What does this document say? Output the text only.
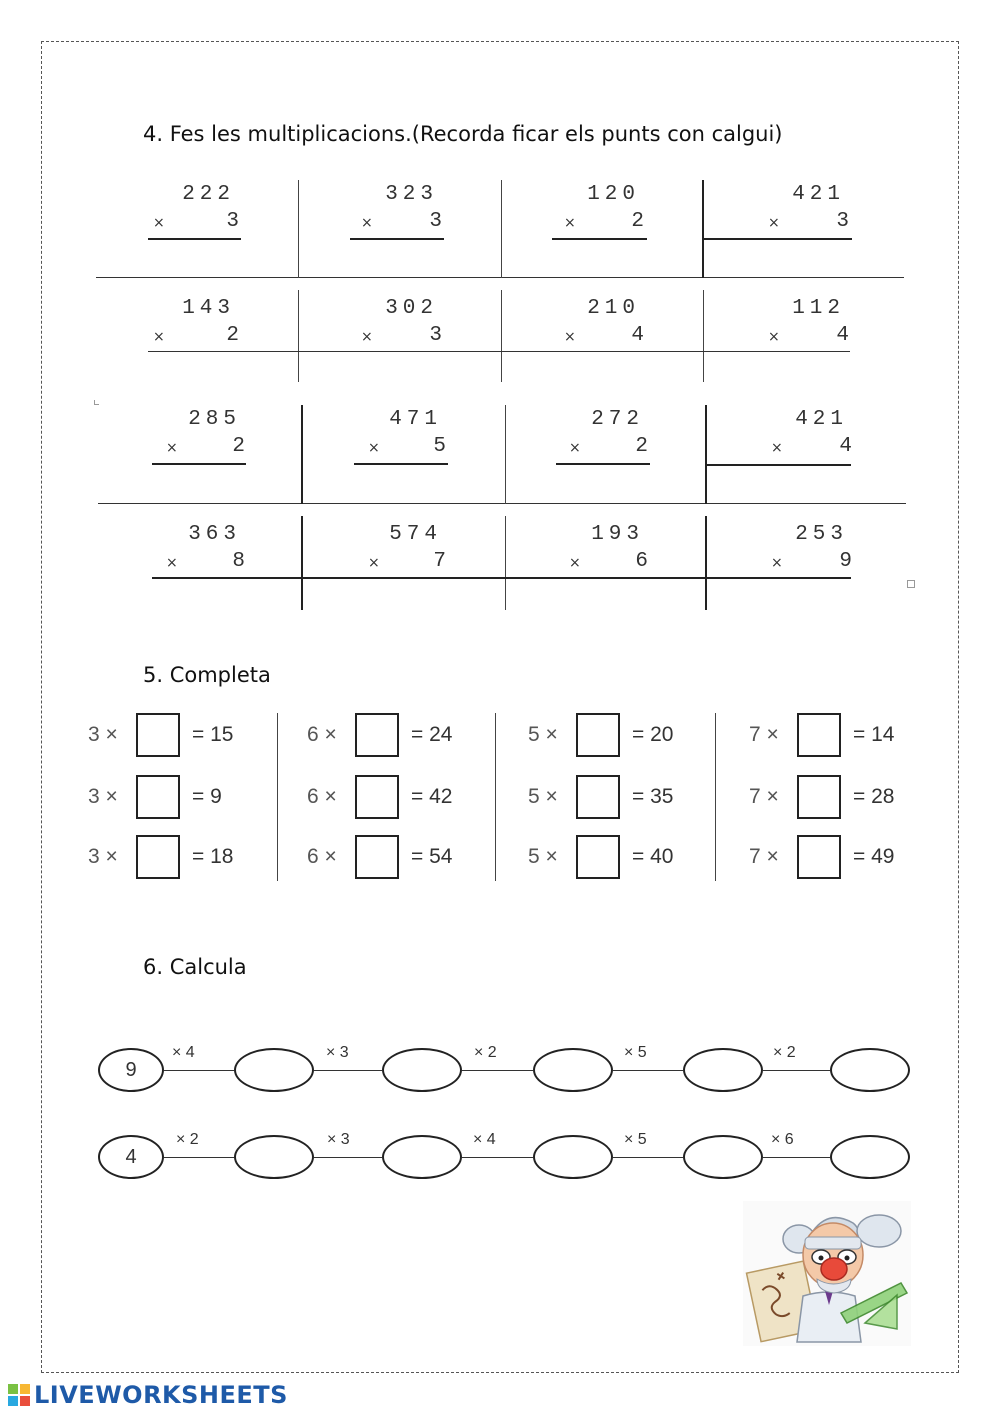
4. Fes les multiplicacions.(Recorda ficar els punts con calgui)
222
×	3
323
×	3
120
×	2
421
×	3
143
×	2
302
×	3
210
×	4
112
×	4
285
×	2
471
×	5
272
×	2
421
×	4
363
×	8
574
×	7
193
×	6
253
×	9
5. Completa
3 ×	= 15
3 ×	= 9
3 ×	= 18
6 ×	= 24
6 ×	= 42
6 ×	= 54
5 ×	= 20
5 ×	= 35
5 ×	= 40
7 ×	= 14
7 ×	= 28
7 ×	= 49
6. Calcula
9
× 4	× 3	× 2	× 5	× 2
4
× 2	× 3	× 4	× 5	× 6
LIVEWORKSHEETS
